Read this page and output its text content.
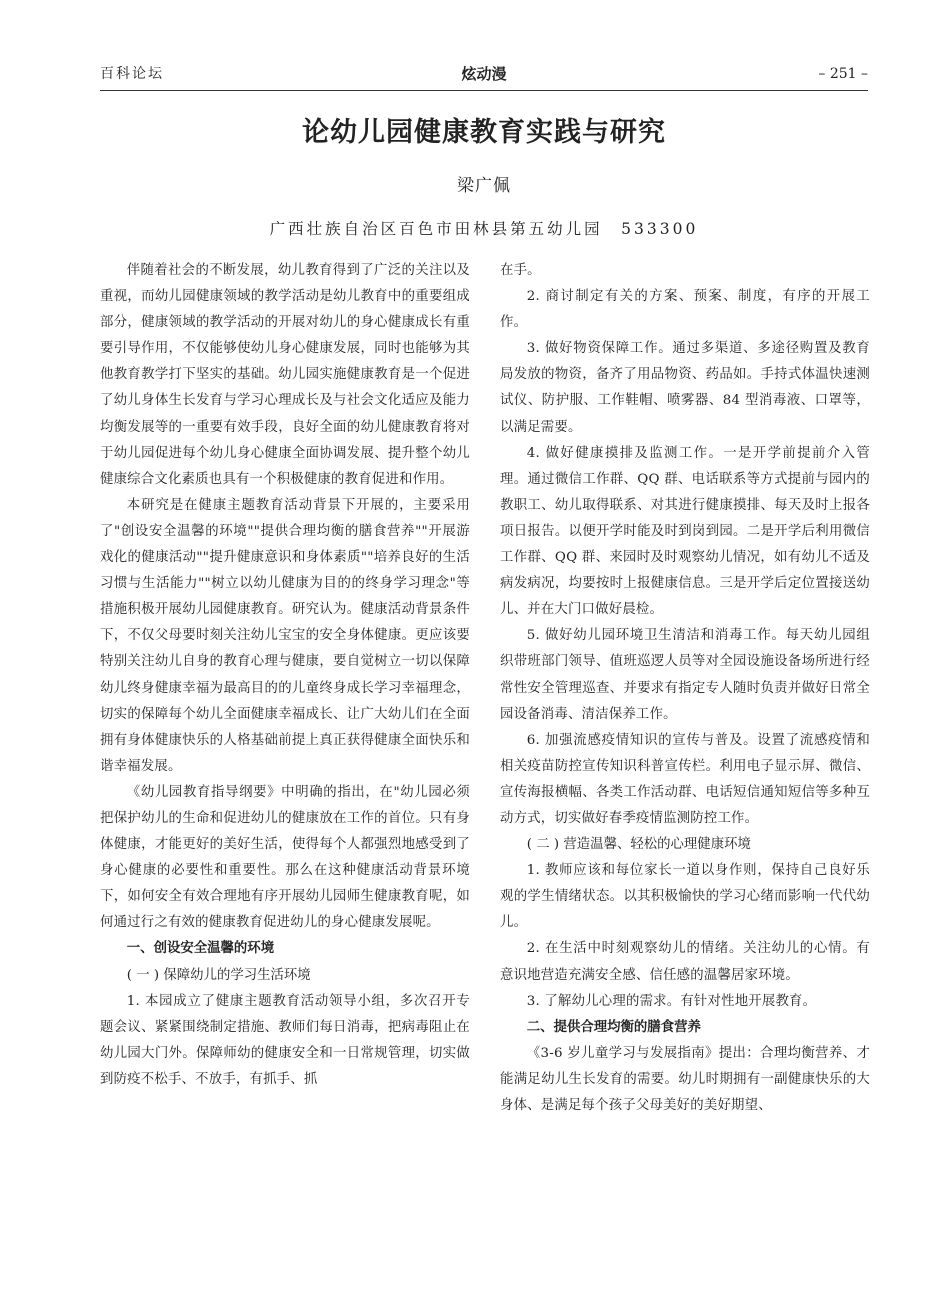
百科论坛	炫动漫	– 251 –
论幼儿园健康教育实践与研究
梁广佩
广西壮族自治区百色市田林县第五幼儿园　533300

伴随着社会的不断发展，幼儿教育得到了广泛的关注以及重视，而幼儿园健康领域的教学活动是幼儿教育中的重要组成部分，健康领域的教学活动的开展对幼儿的身心健康成长有重要引导作用，不仅能够使幼儿身心健康发展，同时也能够为其他教育教学打下坚实的基础。幼儿园实施健康教育是一个促进了幼儿身体生长发育与学习心理成长及与社会文化适应及能力均衡发展等的一重要有效手段，良好全面的幼儿健康教育将对于幼儿园促进每个幼儿身心健康全面协调发展、提升整个幼儿健康综合文化素质也具有一个积极健康的教育促进和作用。

本研究是在健康主题教育活动背景下开展的，主要采用了"创设安全温馨的环境""提供合理均衡的膳食营养""开展游戏化的健康活动""提升健康意识和身体素质""培养良好的生活习惯与生活能力""树立以幼儿健康为目的的终身学习理念"等措施积极开展幼儿园健康教育。研究认为。健康活动背景条件下，不仅父母要时刻关注幼儿宝宝的安全身体健康。更应该要特别关注幼儿自身的教育心理与健康，要自觉树立一切以保障幼儿终身健康幸福为最高目的的儿童终身成长学习幸福理念，切实的保障每个幼儿全面健康幸福成长、让广大幼儿们在全面拥有身体健康快乐的人格基础前提上真正获得健康全面快乐和谐幸福发展。

《幼儿园教育指导纲要》中明确的指出，在"幼儿园必须把保护幼儿的生命和促进幼儿的健康放在工作的首位。只有身体健康，才能更好的美好生活，使得每个人都强烈地感受到了身心健康的必要性和重要性。那么在这种健康活动背景环境下，如何安全有效合理地有序开展幼儿园师生健康教育呢，如何通过行之有效的健康教育促进幼儿的身心健康发展呢。

一、创设安全温馨的环境
( 一 ) 保障幼儿的学习生活环境

1. 本园成立了健康主题教育活动领导小组，多次召开专题会议、紧紧围绕制定措施、教师们每日消毒，把病毒阻止在幼儿园大门外。保障师幼的健康安全和一日常规管理，切实做到防疫不松手、不放手，有抓手、抓

在手。

2. 商讨制定有关的方案、预案、制度，有序的开展工作。

3. 做好物资保障工作。通过多渠道、多途径购置及教育局发放的物资，备齐了用品物资、药品如。手持式体温快速测试仪、防护服、工作鞋帽、喷雾器、84 型消毒液、口罩等，以满足需要。

4. 做好健康摸排及监测工作。一是开学前提前介入管理。通过微信工作群、QQ 群、电话联系等方式提前与园内的教职工、幼儿取得联系、对其进行健康摸排、每天及时上报各项日报告。以便开学时能及时到岗到园。二是开学后利用微信工作群、QQ 群、来园时及时观察幼儿情况，如有幼儿不适及病发病况，均要按时上报健康信息。三是开学后定位置接送幼儿、并在大门口做好晨检。

5. 做好幼儿园环境卫生清洁和消毒工作。每天幼儿园组织带班部门领导、值班巡逻人员等对全园设施设备场所进行经常性安全管理巡查、并要求有指定专人随时负责并做好日常全园设备消毒、清洁保养工作。

6. 加强流感疫情知识的宣传与普及。设置了流感疫情和相关疫苗防控宣传知识科普宣传栏。利用电子显示屏、微信、宣传海报横幅、各类工作活动群、电话短信通知短信等多种互动方式，切实做好春季疫情监测防控工作。

( 二 ) 营造温馨、轻松的心理健康环境

1. 教师应该和每位家长一道以身作则，保持自己良好乐观的学生情绪状态。以其积极愉快的学习心绪而影响一代代幼儿。

2. 在生活中时刻观察幼儿的情绪。关注幼儿的心情。有意识地营造充满安全感、信任感的温馨居家环境。

3. 了解幼儿心理的需求。有针对性地开展教育。

二、提供合理均衡的膳食营养

《3-6 岁儿童学习与发展指南》提出：合理均衡营养、才能满足幼儿生长发育的需要。幼儿时期拥有一副健康快乐的大身体、是满足每个孩子父母美好的美好期望、
